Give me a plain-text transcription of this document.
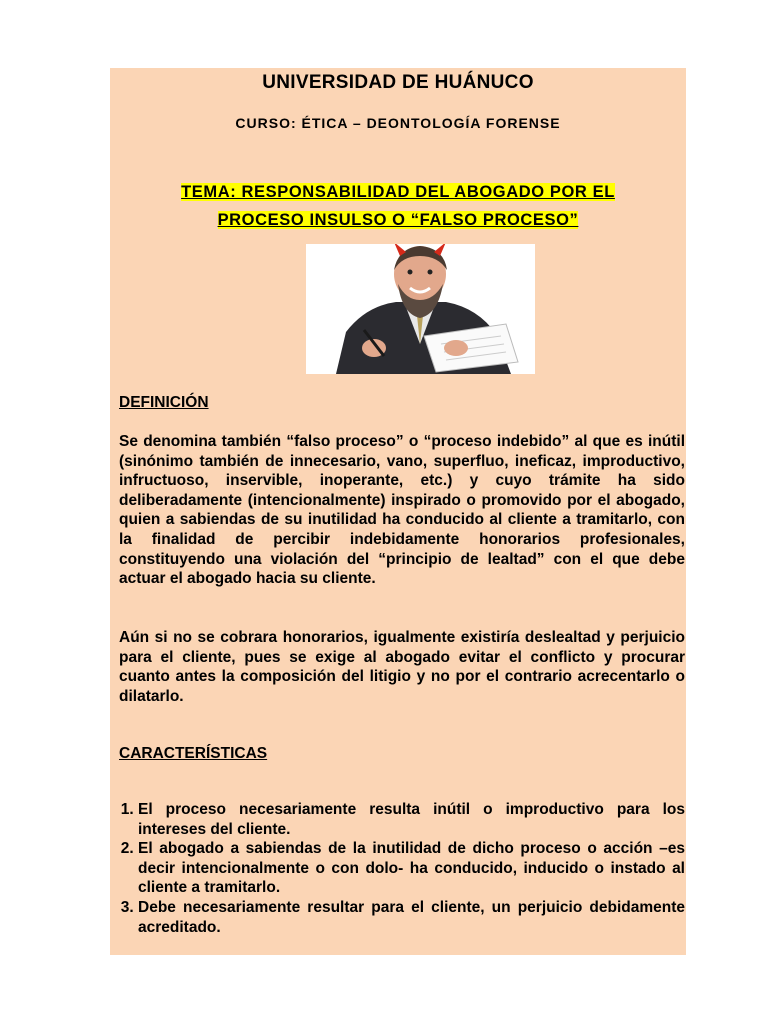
UNIVERSIDAD DE HUÁNUCO
CURSO: ÉTICA – DEONTOLOGÍA FORENSE
TEMA: RESPONSABILIDAD DEL ABOGADO POR EL
PROCESO INSULSO O “FALSO PROCESO”
DEFINICIÓN
Se denomina también “falso proceso” o “proceso indebido” al que es inútil (sinónimo también de innecesario, vano, superfluo, ineficaz, improductivo, infructuoso, inservible, inoperante, etc.) y cuyo trámite ha sido deliberadamente (intencionalmente) inspirado o promovido por el abogado, quien a sabiendas de su inutilidad ha conducido al cliente a tramitarlo, con la finalidad de percibir indebidamente honorarios profesionales, constituyendo una violación del “principio de lealtad” con el que debe actuar el abogado hacia su cliente.
Aún si no se cobrara honorarios, igualmente existiría deslealtad y perjuicio para el cliente, pues se exige al abogado evitar el conflicto y procurar cuanto antes la composición del litigio y no por el contrario acrecentarlo o dilatarlo.
CARACTERÍSTICAS
1. El proceso necesariamente resulta inútil o improductivo para los intereses del cliente.
2. El abogado a sabiendas de la inutilidad de dicho proceso o acción –es decir intencionalmente o con dolo- ha conducido, inducido o instado al cliente a tramitarlo.
3. Debe necesariamente resultar para el cliente, un perjuicio debidamente acreditado.
